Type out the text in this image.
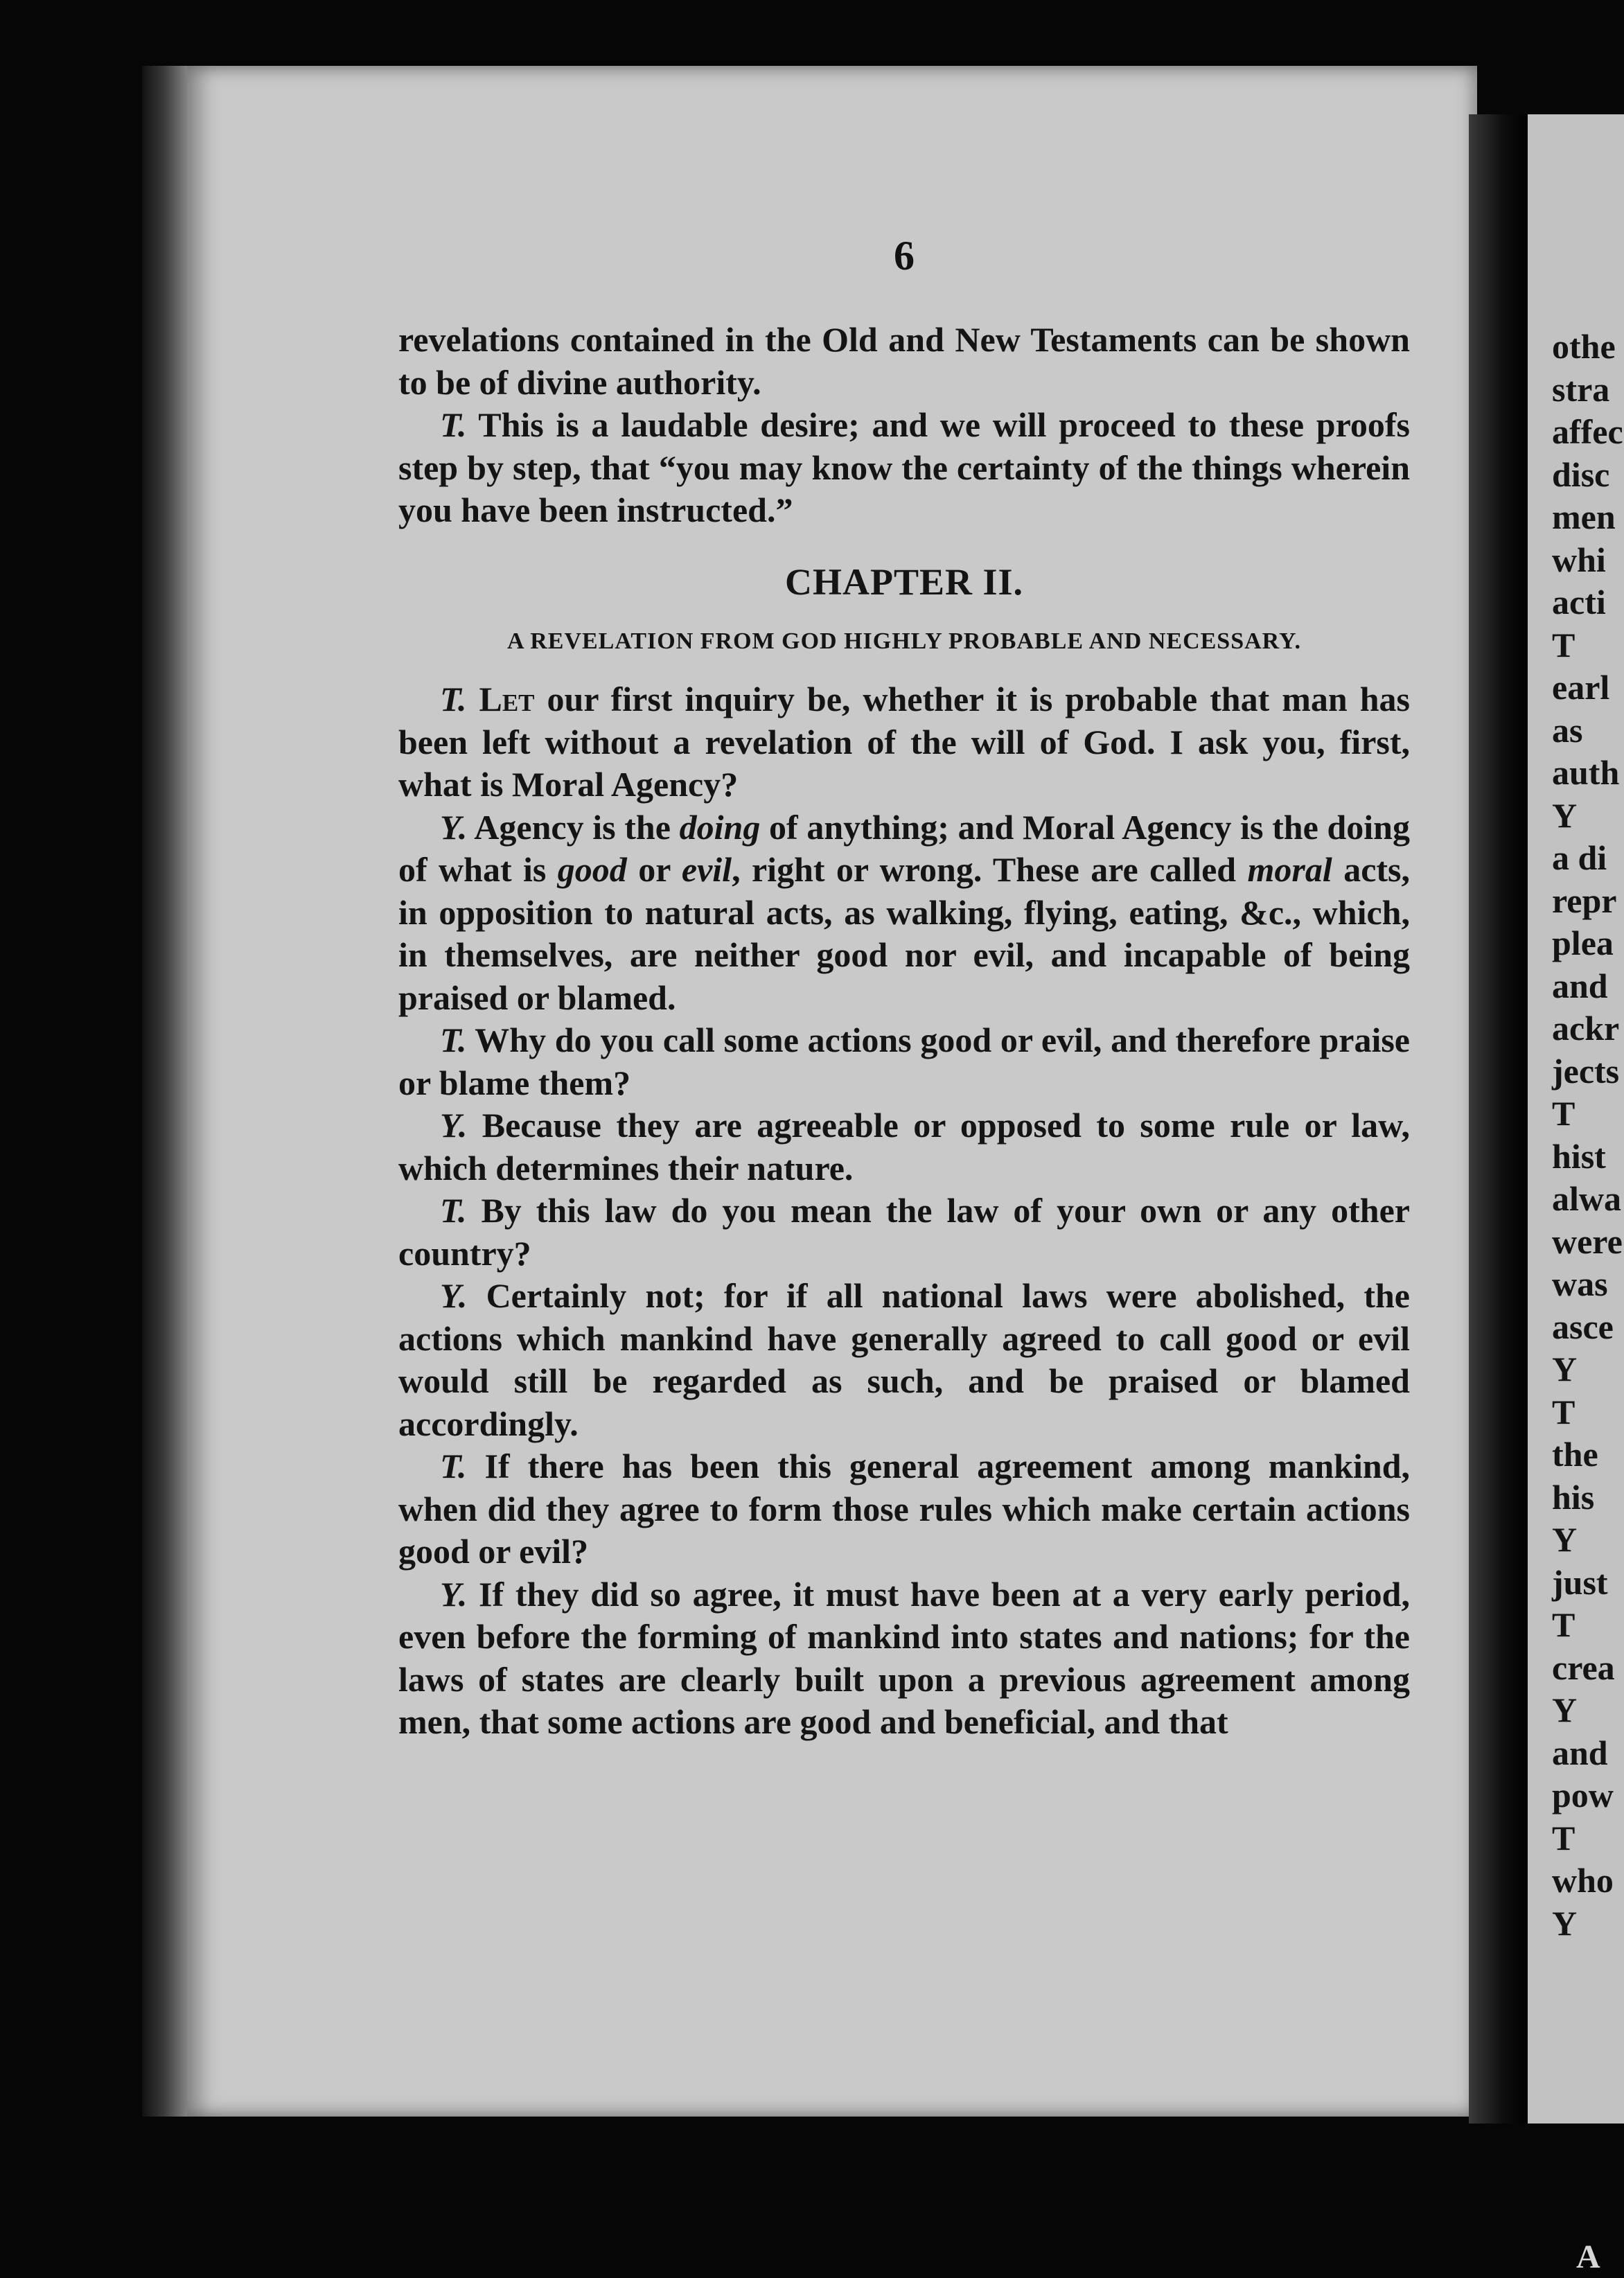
6

revelations contained in the Old and New Testaments can be shown to be of divine authority.

T. This is a laudable desire; and we will proceed to these proofs step by step, that “you may know the certainty of the things wherein you have been instructed.”

CHAPTER II.
A REVELATION FROM GOD HIGHLY PROBABLE AND NECESSARY.

T. Let our first inquiry be, whether it is probable that man has been left without a revelation of the will of God. I ask you, first, what is Moral Agency?

Y. Agency is the doing of anything; and Moral Agency is the doing of what is good or evil, right or wrong. These are called moral acts, in opposition to natural acts, as walking, flying, eating, &c., which, in themselves, are neither good nor evil, and incapable of being praised or blamed.

T. Why do you call some actions good or evil, and therefore praise or blame them?

Y. Because they are agreeable or opposed to some rule or law, which determines their nature.

T. By this law do you mean the law of your own or any other country?

Y. Certainly not; for if all national laws were abolished, the actions which mankind have generally agreed to call good or evil would still be regarded as such, and be praised or blamed accordingly.

T. If there has been this general agreement among mankind, when did they agree to form those rules which make certain actions good or evil?

Y. If they did so agree, it must have been at a very early period, even before the forming of mankind into states and nations; for the laws of states are clearly built upon a previous agreement among men, that some actions are good and beneficial, and that

othe
stra
affec
disc
men
whi
acti
T
earl
as
auth
Y
a di
repr
plea
and
ackr
jects
T
hist
alwa
were
was
asce
Y
T
the
his
Y
just
T
crea
Y
and
pow
T
who
Y
A
